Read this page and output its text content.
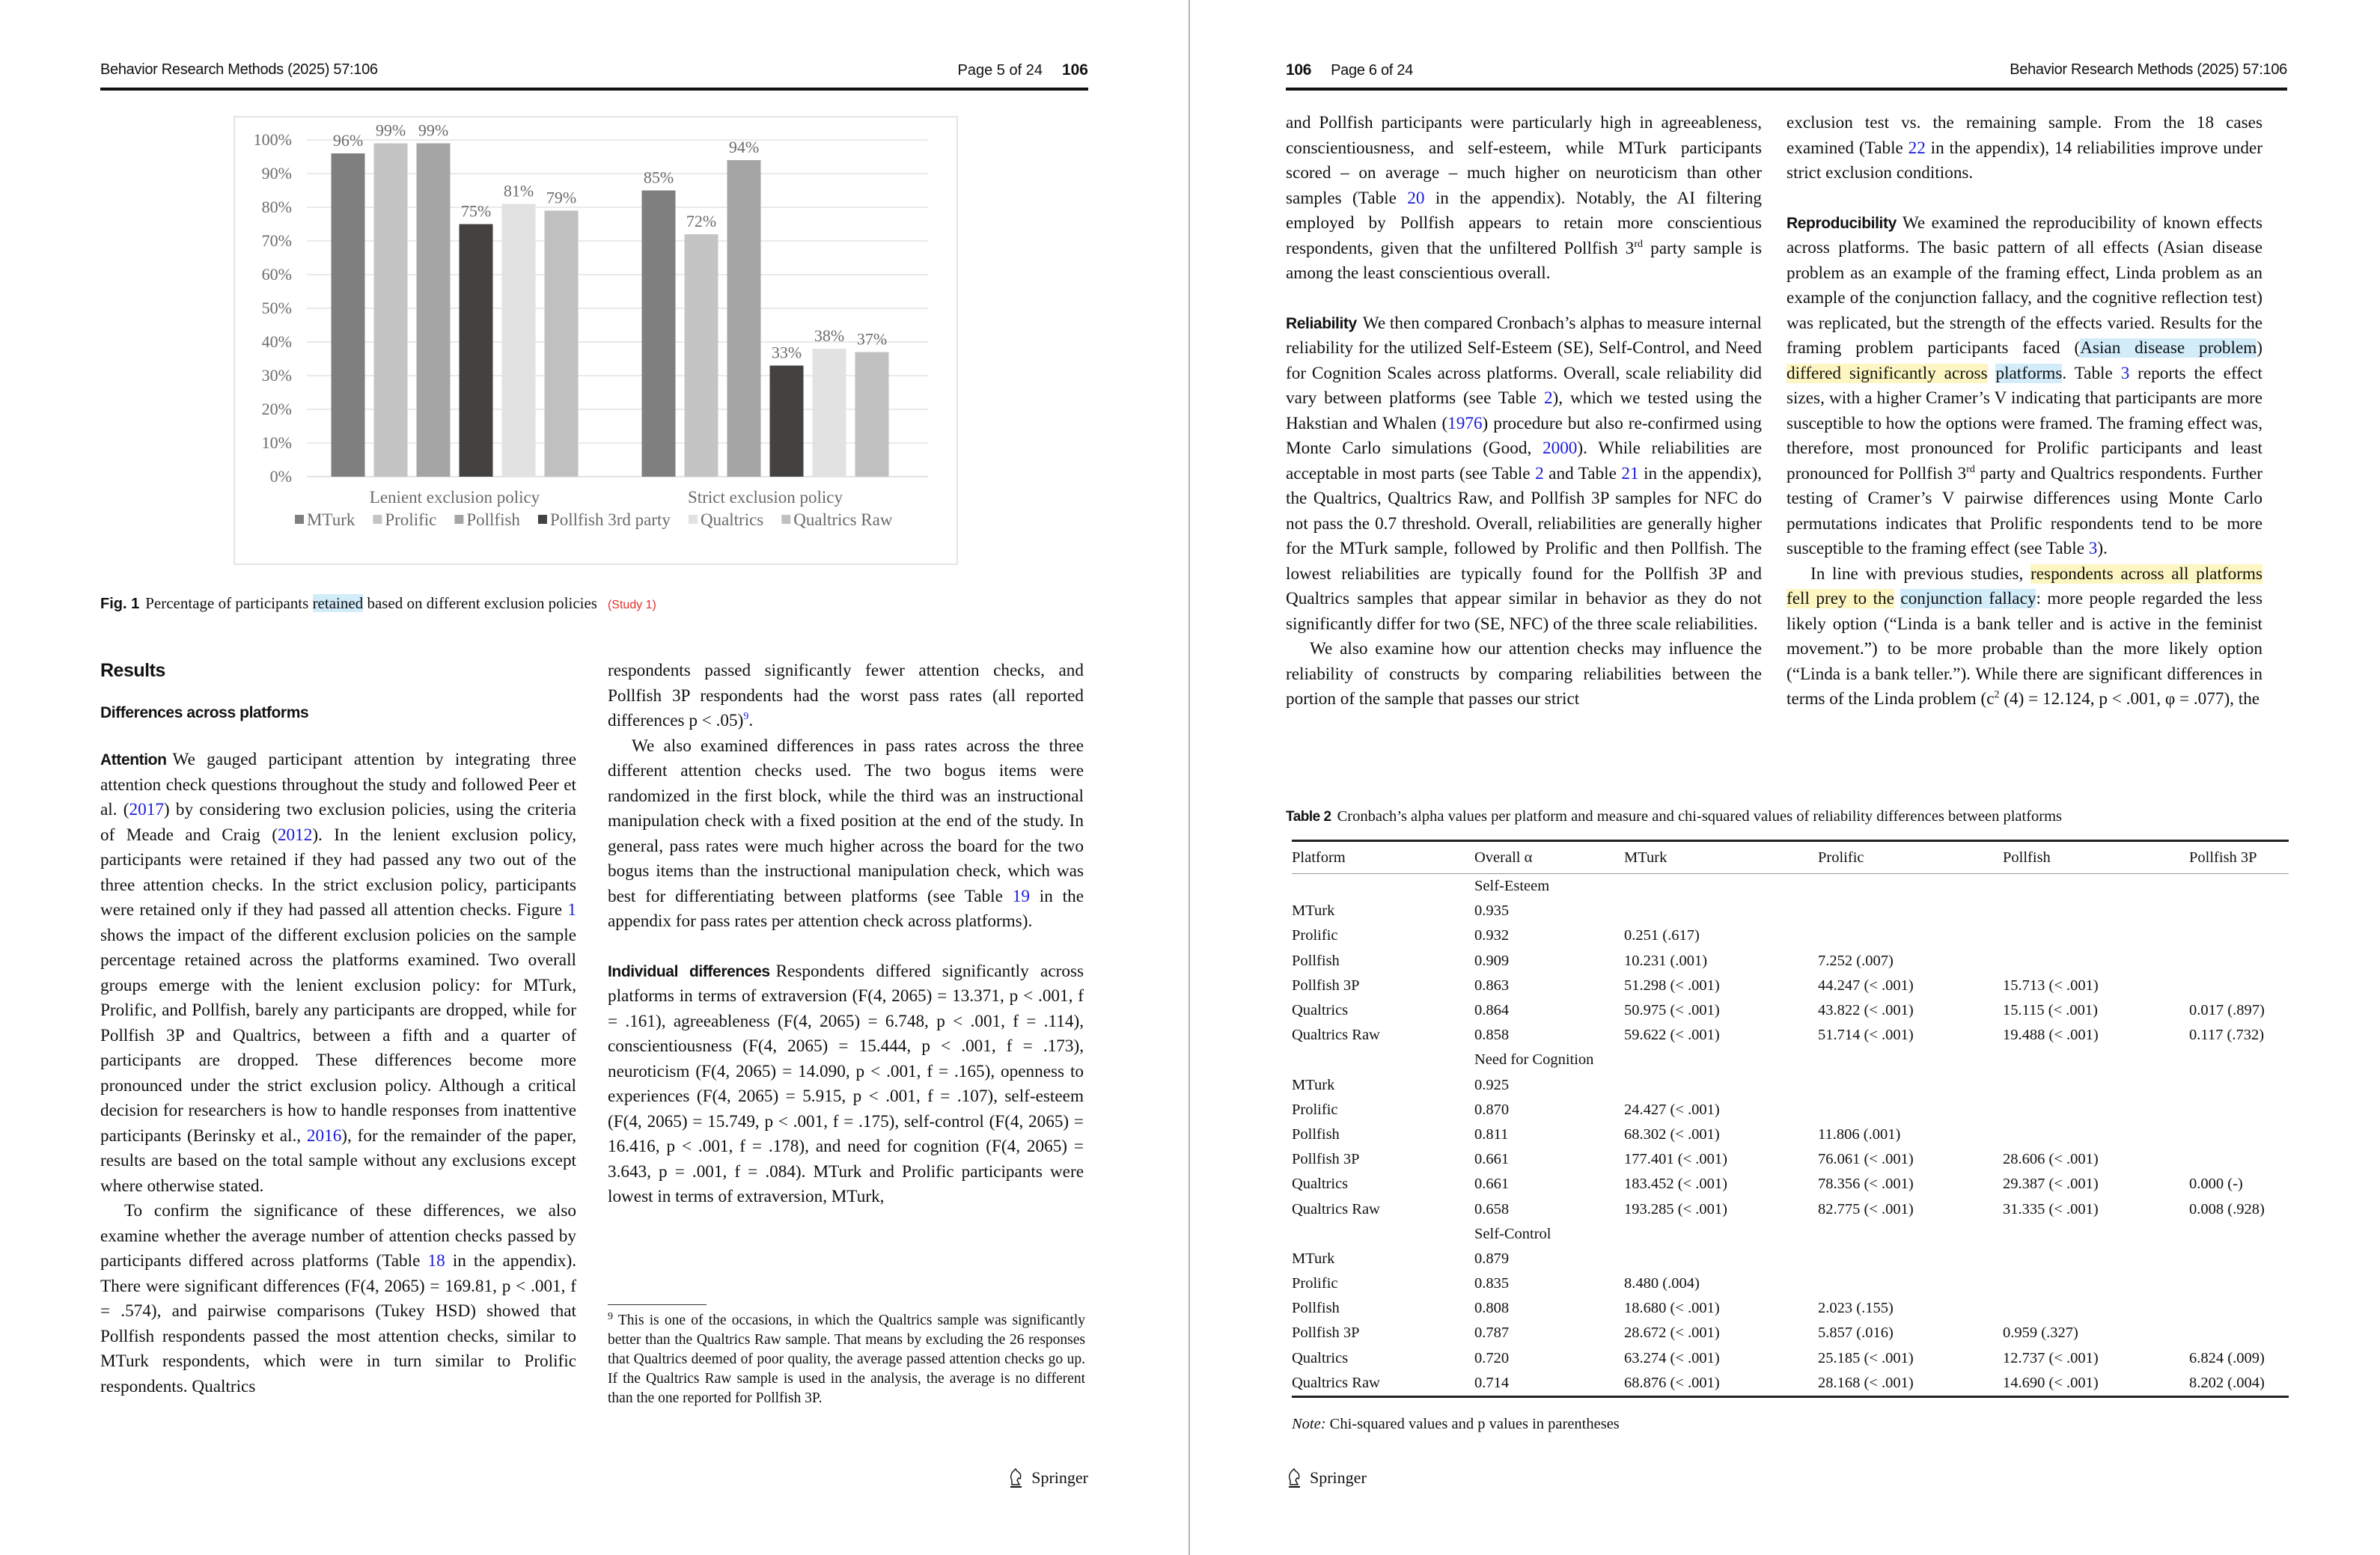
Behavior Research Methods (2025) 57:106	Page 5 of 24 106
0%
10%
20%
30%
40%
50%
60%
70%
80%
90%
100% 96%
99% 99%
75%
81% 79%
Lenient exclusion policy
85%
72%
94%
33%
38% 37%
Strict exclusion policy
MTurk Prolific Pollfish Pollfish 3rd party Qualtrics Qualtrics Raw
Fig. 1 Percentage of participants retained based on different exclusion policies (Study 1)

Results

Differences across platforms

Attention We gauged participant attention by integrating three attention check questions throughout the study and followed Peer et al. (2017) by considering two exclusion policies, using the criteria of Meade and Craig (2012). In the lenient exclusion policy, participants were retained if they had passed any two out of the three attention checks. In the strict exclusion policy, participants were retained only if they had passed all attention checks. Figure 1 shows the impact of the different exclusion policies on the sample percentage retained across the platforms examined. Two overall groups emerge with the lenient exclusion policy: for MTurk, Prolific, and Pollfish, barely any participants are dropped, while for Pollfish 3P and Qualtrics, between a fifth and a quarter of participants are dropped. These differences become more pronounced under the strict exclusion policy. Although a critical decision for researchers is how to handle responses from inattentive participants (Berinsky et al., 2016), for the remainder of the paper, results are based on the total sample without any exclusions except where otherwise stated.

To confirm the significance of these differences, we also examine whether the average number of attention checks passed by participants differed across platforms (Table 18 in the appendix). There were significant differences (F(4, 2065) = 169.81, p < .001, f = .574), and pairwise comparisons (Tukey HSD) showed that Pollfish respondents passed the most attention checks, similar to MTurk respondents, which were in turn similar to Prolific respondents. Qualtrics

respondents passed significantly fewer attention checks, and Pollfish 3P respondents had the worst pass rates (all reported differences p < .05)$^9$.

We also examined differences in pass rates across the three different attention checks used. The two bogus items were randomized in the first block, while the third was an instructional manipulation check with a fixed position at the end of the study. In general, pass rates were much higher across the board for the two bogus items than the instructional manipulation check, which was best for differentiating between platforms (see Table 19 in the appendix for pass rates per attention check across platforms).

Individual differences Respondents differed significantly across platforms in terms of extraversion (F(4, 2065) = 13.371, p < .001, f = .161), agreeableness (F(4, 2065) = 6.748, p < .001, f = .114), conscientiousness (F(4, 2065) = 15.444, p < .001, f = .173), neuroticism (F(4, 2065) = 14.090, p < .001, f = .165), openness to experiences (F(4, 2065) = 5.915, p < .001, f = .107), self-esteem (F(4, 2065) = 15.749, p < .001, f = .175), self-control (F(4, 2065) = 16.416, p < .001, f = .178), and need for cognition (F(4, 2065) = 3.643, p = .001, f = .084). MTurk and Prolific participants were lowest in terms of extraversion, MTurk,

$^9$ This is one of the occasions, in which the Qualtrics sample was significantly better than the Qualtrics Raw sample. That means by excluding the 26 responses that Qualtrics deemed of poor quality, the average passed attention checks go up. If the Qualtrics Raw sample is used in the analysis, the average is no different than the one reported for Pollfish 3P.
Springer
106 Page 6 of 24	Behavior Research Methods (2025) 57:106

and Pollfish participants were particularly high in agreeableness, conscientiousness, and self-esteem, while MTurk participants scored – on average – much higher on neuroticism than other samples (Table 20 in the appendix). Notably, the AI filtering employed by Pollfish appears to retain more conscientious respondents, given that the unfiltered Pollfish 3rd party sample is among the least conscientious overall.

Reliability We then compared Cronbach’s alphas to measure internal reliability for the utilized Self-Esteem (SE), Self-Control, and Need for Cognition Scales across platforms. Overall, scale reliability did vary between platforms (see Table 2), which we tested using the Hakstian and Whalen (1976) procedure but also re-confirmed using Monte Carlo simulations (Good, 2000). While reliabilities are acceptable in most parts (see Table 2 and Table 21 in the appendix), the Qualtrics, Qualtrics Raw, and Pollfish 3P samples for NFC do not pass the 0.7 threshold. Overall, reliabilities are generally higher for the MTurk sample, followed by Prolific and then Pollfish. The lowest reliabilities are typically found for the Pollfish 3P and Qualtrics samples that appear similar in behavior as they do not significantly differ for two (SE, NFC) of the three scale reliabilities.

We also examine how our attention checks may influence the reliability of constructs by comparing reliabilities between the portion of the sample that passes our strict

exclusion test vs. the remaining sample. From the 18 cases examined (Table 22 in the appendix), 14 reliabilities improve under strict exclusion conditions.

Reproducibility We examined the reproducibility of known effects across platforms. The basic pattern of all effects (Asian disease problem as an example of the framing effect, Linda problem as an example of the conjunction fallacy, and the cognitive reflection test) was replicated, but the strength of the effects varied. Results for the framing problem participants faced (Asian disease problem) differed significantly across platforms. Table 3 reports the effect sizes, with a higher Cramer’s V indicating that participants are more susceptible to how the options were framed. The framing effect was, therefore, most pronounced for Prolific participants and least pronounced for Pollfish 3rd party and Qualtrics respondents. Further testing of Cramer’s V pairwise differences using Monte Carlo permutations indicates that Prolific respondents tend to be more susceptible to the framing effect (see Table 3).

In line with previous studies, respondents across all platforms fell prey to the conjunction fallacy: more people regarded the less likely option (“Linda is a bank teller and is active in the feminist movement.”) to be more probable than the more likely option (“Linda is a bank teller.”). While there are significant differences in terms of the Linda problem ($c^2$ (4) = 12.124, p < .001, φ = .077), the

Table 2 Cronbach’s alpha values per platform and measure and chi-squared values of reliability differences between platforms
Platform	Overall α	MTurk	Prolific	Pollfish	Pollfish 3P
	Self-Esteem				
MTurk	0.935				
Prolific	0.932	0.251 (.617)			
Pollfish	0.909	10.231 (.001)	7.252 (.007)		
Pollfish 3P	0.863	51.298 (< .001)	44.247 (< .001)	15.713 (< .001)	
Qualtrics	0.864	50.975 (< .001)	43.822 (< .001)	15.115 (< .001)	0.017 (.897)
Qualtrics Raw	0.858	59.622 (< .001)	51.714 (< .001)	19.488 (< .001)	0.117 (.732)
	Need for Cognition				
MTurk	0.925				
Prolific	0.870	24.427 (< .001)			
Pollfish	0.811	68.302 (< .001)	11.806 (.001)		
Pollfish 3P	0.661	177.401 (< .001)	76.061 (< .001)	28.606 (< .001)	
Qualtrics	0.661	183.452 (< .001)	78.356 (< .001)	29.387 (< .001)	0.000 (-)
Qualtrics Raw	0.658	193.285 (< .001)	82.775 (< .001)	31.335 (< .001)	0.008 (.928)
	Self-Control				
MTurk	0.879				
Prolific	0.835	8.480 (.004)			
Pollfish	0.808	18.680 (< .001)	2.023 (.155)		
Pollfish 3P	0.787	28.672 (< .001)	5.857 (.016)	0.959 (.327)	
Qualtrics	0.720	63.274 (< .001)	25.185 (< .001)	12.737 (< .001)	6.824 (.009)
Qualtrics Raw	0.714	68.876 (< .001)	28.168 (< .001)	14.690 (< .001)	8.202 (.004)
Note: Chi-squared values and p values in parentheses
Springer
